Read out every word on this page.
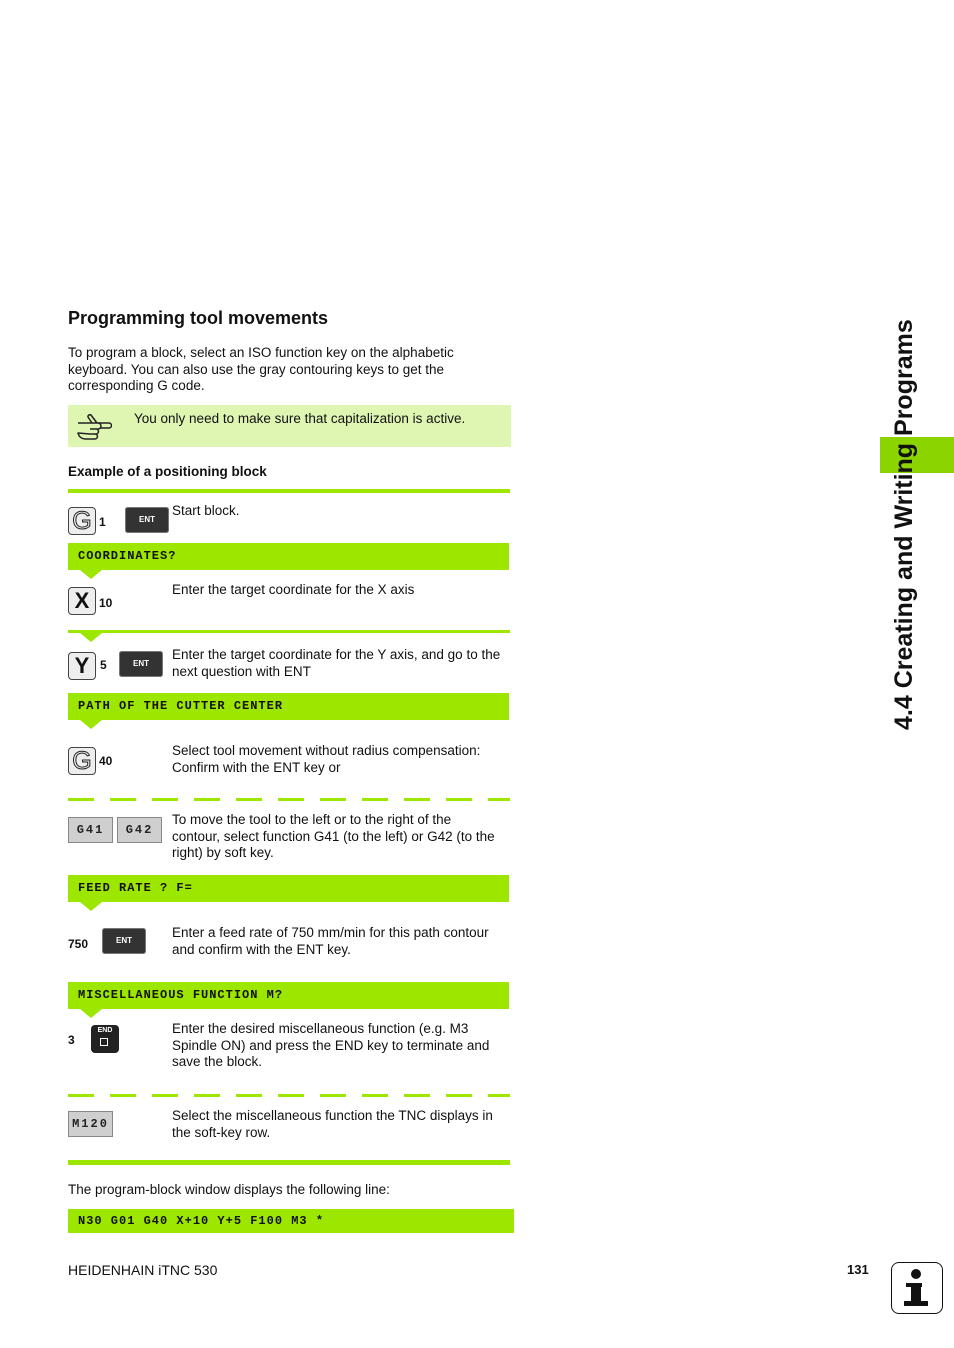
Programming tool movements
To program a block, select an ISO function key on the alphabetic keyboard. You can also use the gray contouring keys to get the corresponding G code.
You only need to make sure that capitalization is active.
Example of a positioning block
G 1	ENT
Start block.
COORDINATES?
X 10
Enter the target coordinate for the X axis
Y 5	ENT
Enter the target coordinate for the Y axis, and go to the next question with ENT
PATH OF THE CUTTER CENTER
G 40
Select tool movement without radius compensation: Confirm with the ENT key or
G41	G42
To move the tool to the left or to the right of the contour, select function G41 (to the left) or G42 (to the right) by soft key.
FEED RATE ? F=
750	ENT
Enter a feed rate of 750 mm/min for this path contour and confirm with the ENT key.
MISCELLANEOUS FUNCTION M?
3
END	Enter the desired miscellaneous function (e.g. M3 Spindle ON) and press the END key to terminate and save the block.
M120
Select the miscellaneous function the TNC displays in the soft-key row.
The program-block window displays the following line:
N30 G01 G40 X+10 Y+5 F100 M3 *
4.4 Creating and Writing Programs
HEIDENHAIN iTNC 530	131
